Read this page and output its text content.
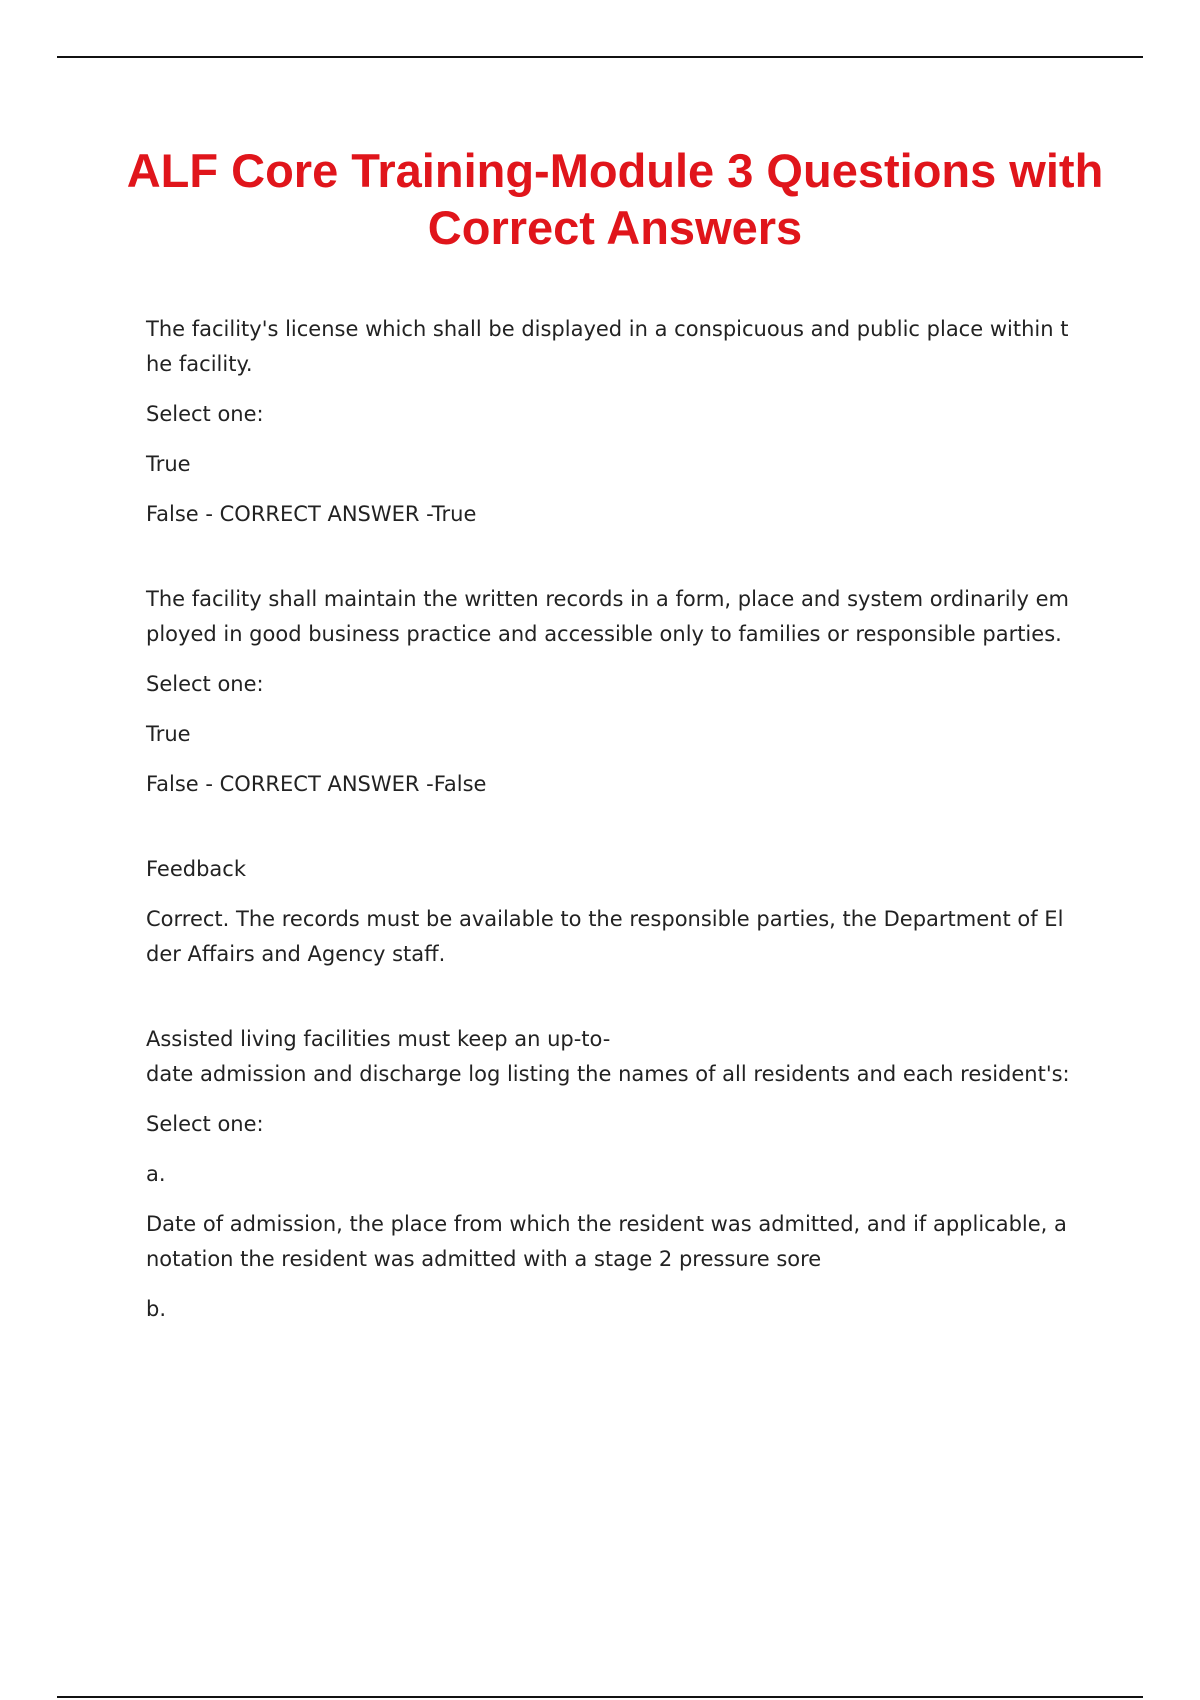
ALF Core Training-Module 3 Questions with Correct Answers

The facility's license which shall be displayed in a conspicuous and public place within the facility.

Select one:

True

False - CORRECT ANSWER -True

The facility shall maintain the written records in a form, place and system ordinarily employed in good business practice and accessible only to families or responsible parties.

Select one:

True

False - CORRECT ANSWER -False

Feedback

Correct. The records must be available to the responsible parties, the Department of Elder Affairs and Agency staff.

Assisted living facilities must keep an up-to-
date admission and discharge log listing the names of all residents and each resident's:

Select one:

a.

Date of admission, the place from which the resident was admitted, and if applicable, a notation the resident was admitted with a stage 2 pressure sore

b.
